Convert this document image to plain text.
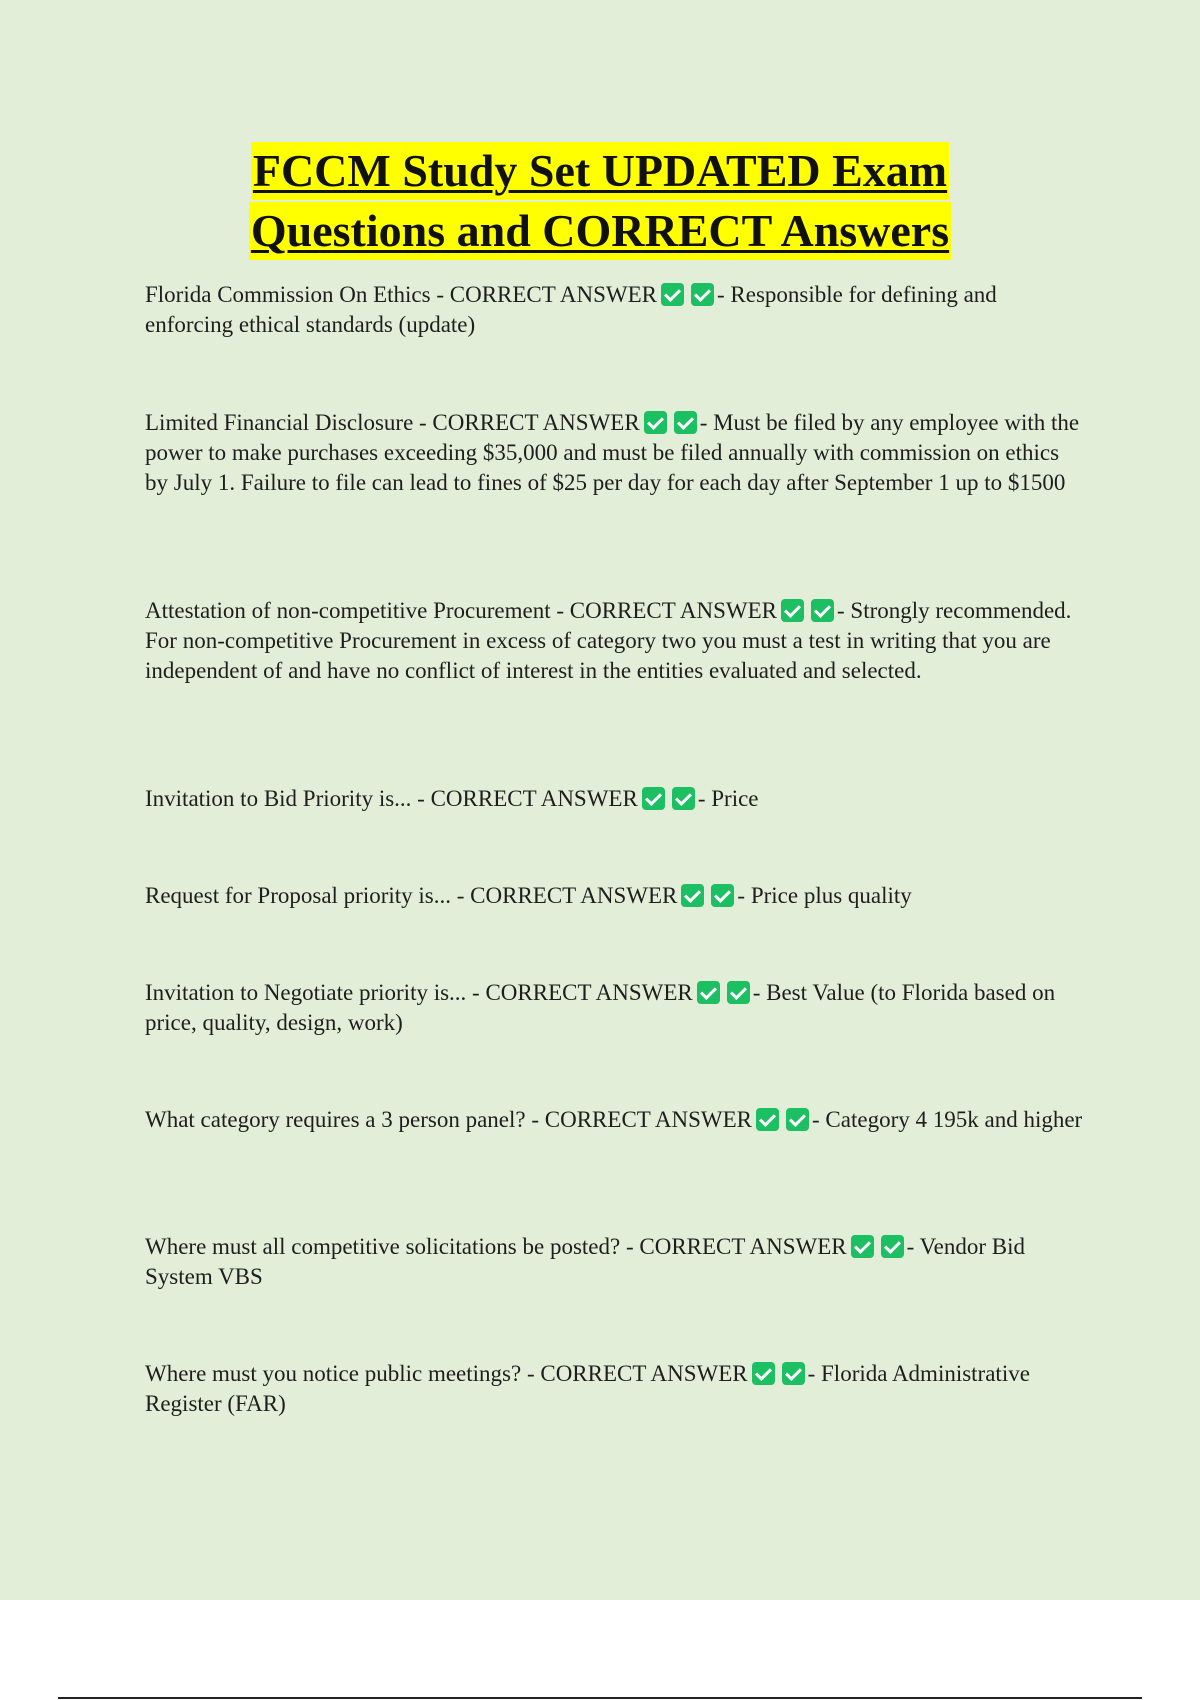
FCCM Study Set UPDATED Exam
Questions and CORRECT Answers
Florida Commission On Ethics - CORRECT ANSWER	- Responsible for defining and enforcing ethical standards (update)
Limited Financial Disclosure - CORRECT ANSWER	- Must be filed by any employee with the power to make purchases exceeding $35,000 and must be filed annually with commission on ethics by July 1. Failure to file can lead to fines of $25 per day for each day after September 1 up to $1500
Attestation of non-competitive Procurement - CORRECT ANSWER	- Strongly recommended. For non-competitive Procurement in excess of category two you must a test in writing that you are independent of and have no conflict of interest in the entities evaluated and selected.
Invitation to Bid Priority is... - CORRECT ANSWER	- Price
Request for Proposal priority is... - CORRECT ANSWER	- Price plus quality
Invitation to Negotiate priority is... - CORRECT ANSWER	- Best Value (to Florida based on price, quality, design, work)
What category requires a 3 person panel? - CORRECT ANSWER	- Category 4 195k and higher
Where must all competitive solicitations be posted? - CORRECT ANSWER	- Vendor Bid System VBS
Where must you notice public meetings? - CORRECT ANSWER	- Florida Administrative Register (FAR)
